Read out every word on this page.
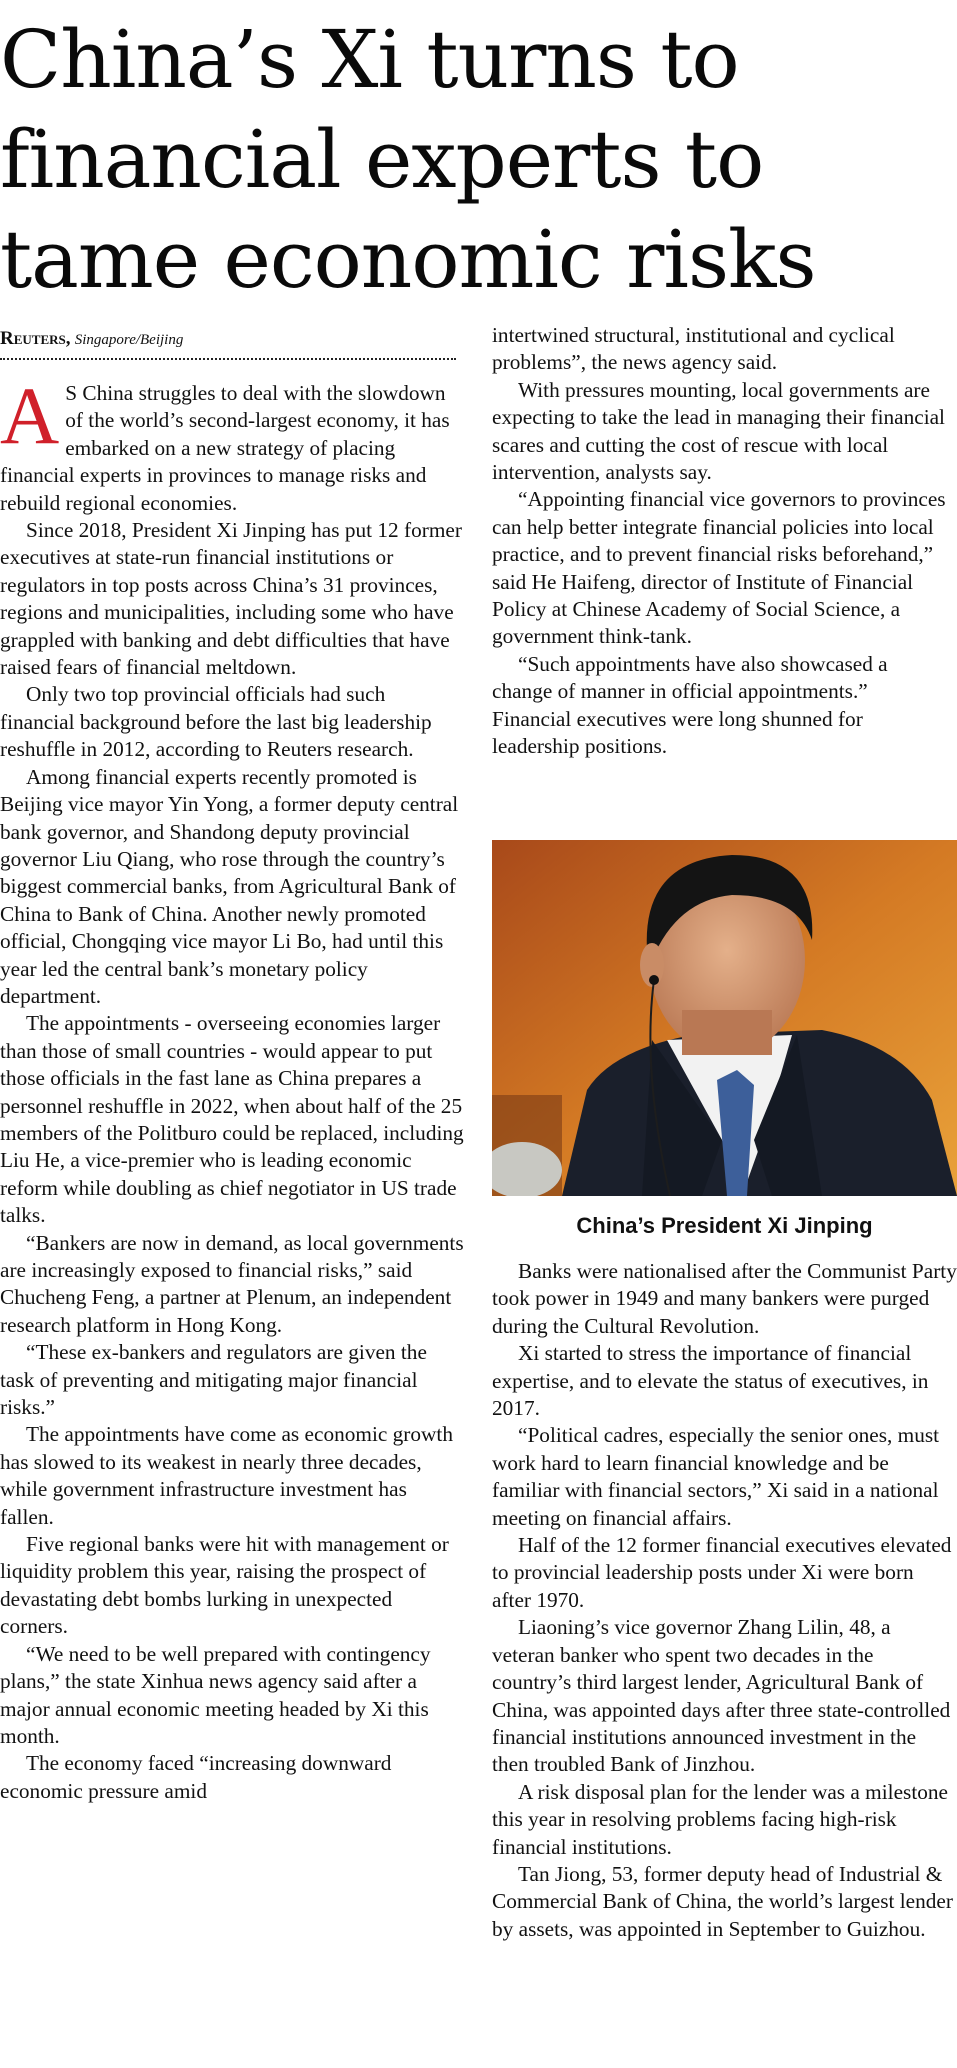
China’s Xi turns to
financial experts to
tame economic risks
Reuters, Singapore/Beijing

A S China struggles to deal with the slowdown of the world’s second-largest economy, it has embarked on a new strategy of placing financial experts in provinces to manage risks and rebuild regional economies.

Since 2018, President Xi Jinping has put 12 former executives at state-run financial institutions or regulators in top posts across China’s 31 provinces, regions and municipalities, including some who have grappled with banking and debt difficulties that have raised fears of financial meltdown.

Only two top provincial officials had such financial background before the last big leadership reshuffle in 2012, according to Reuters research.

Among financial experts recently promoted is Beijing vice mayor Yin Yong, a former deputy central bank governor, and Shandong deputy provincial governor Liu Qiang, who rose through the country’s biggest commercial banks, from Agricultural Bank of China to Bank of China. Another newly promoted official, Chongqing vice mayor Li Bo, had until this year led the central bank’s monetary policy department.

The appointments - overseeing economies larger than those of small countries - would appear to put those officials in the fast lane as China prepares a personnel reshuffle in 2022, when about half of the 25 members of the Politburo could be replaced, including Liu He, a vice-premier who is leading economic reform while doubling as chief negotiator in US trade talks.

“Bankers are now in demand, as local governments are increasingly exposed to financial risks,” said Chucheng Feng, a partner at Plenum, an independent research platform in Hong Kong.

“These ex-bankers and regulators are given the task of preventing and mitigating major financial risks.”

The appointments have come as economic growth has slowed to its weakest in nearly three decades, while government infrastructure investment has fallen.

Five regional banks were hit with management or liquidity problem this year, raising the prospect of devastating debt bombs lurking in unexpected corners.

“We need to be well prepared with contingency plans,” the state Xinhua news agency said after a major annual economic meeting headed by Xi this month.

The economy faced “increasing downward economic pressure amid

intertwined structural, institutional and cyclical problems”, the news agency said.

With pressures mounting, local governments are expecting to take the lead in managing their financial scares and cutting the cost of rescue with local intervention, analysts say.

“Appointing financial vice governors to provinces can help better integrate financial policies into local practice, and to prevent financial risks beforehand,” said He Haifeng, director of Institute of Financial Policy at Chinese Academy of Social Science, a government think-tank.

“Such appointments have also showcased a change of manner in official appointments.” Financial executives were long shunned for leadership positions.

China’s President Xi Jinping

Banks were nationalised after the Communist Party took power in 1949 and many bankers were purged during the Cultural Revolution.

Xi started to stress the importance of financial expertise, and to elevate the status of executives, in 2017.

“Political cadres, especially the senior ones, must work hard to learn financial knowledge and be familiar with financial sectors,” Xi said in a national meeting on financial affairs.

Half of the 12 former financial executives elevated to provincial leadership posts under Xi were born after 1970.

Liaoning’s vice governor Zhang Lilin, 48, a veteran banker who spent two decades in the country’s third largest lender, Agricultural Bank of China, was appointed days after three state-controlled financial institutions announced investment in the then troubled Bank of Jinzhou.

A risk disposal plan for the lender was a milestone this year in resolving problems facing high-risk financial institutions.

Tan Jiong, 53, former deputy head of Industrial & Commercial Bank of China, the world’s largest lender by assets, was appointed in September to Guizhou.
